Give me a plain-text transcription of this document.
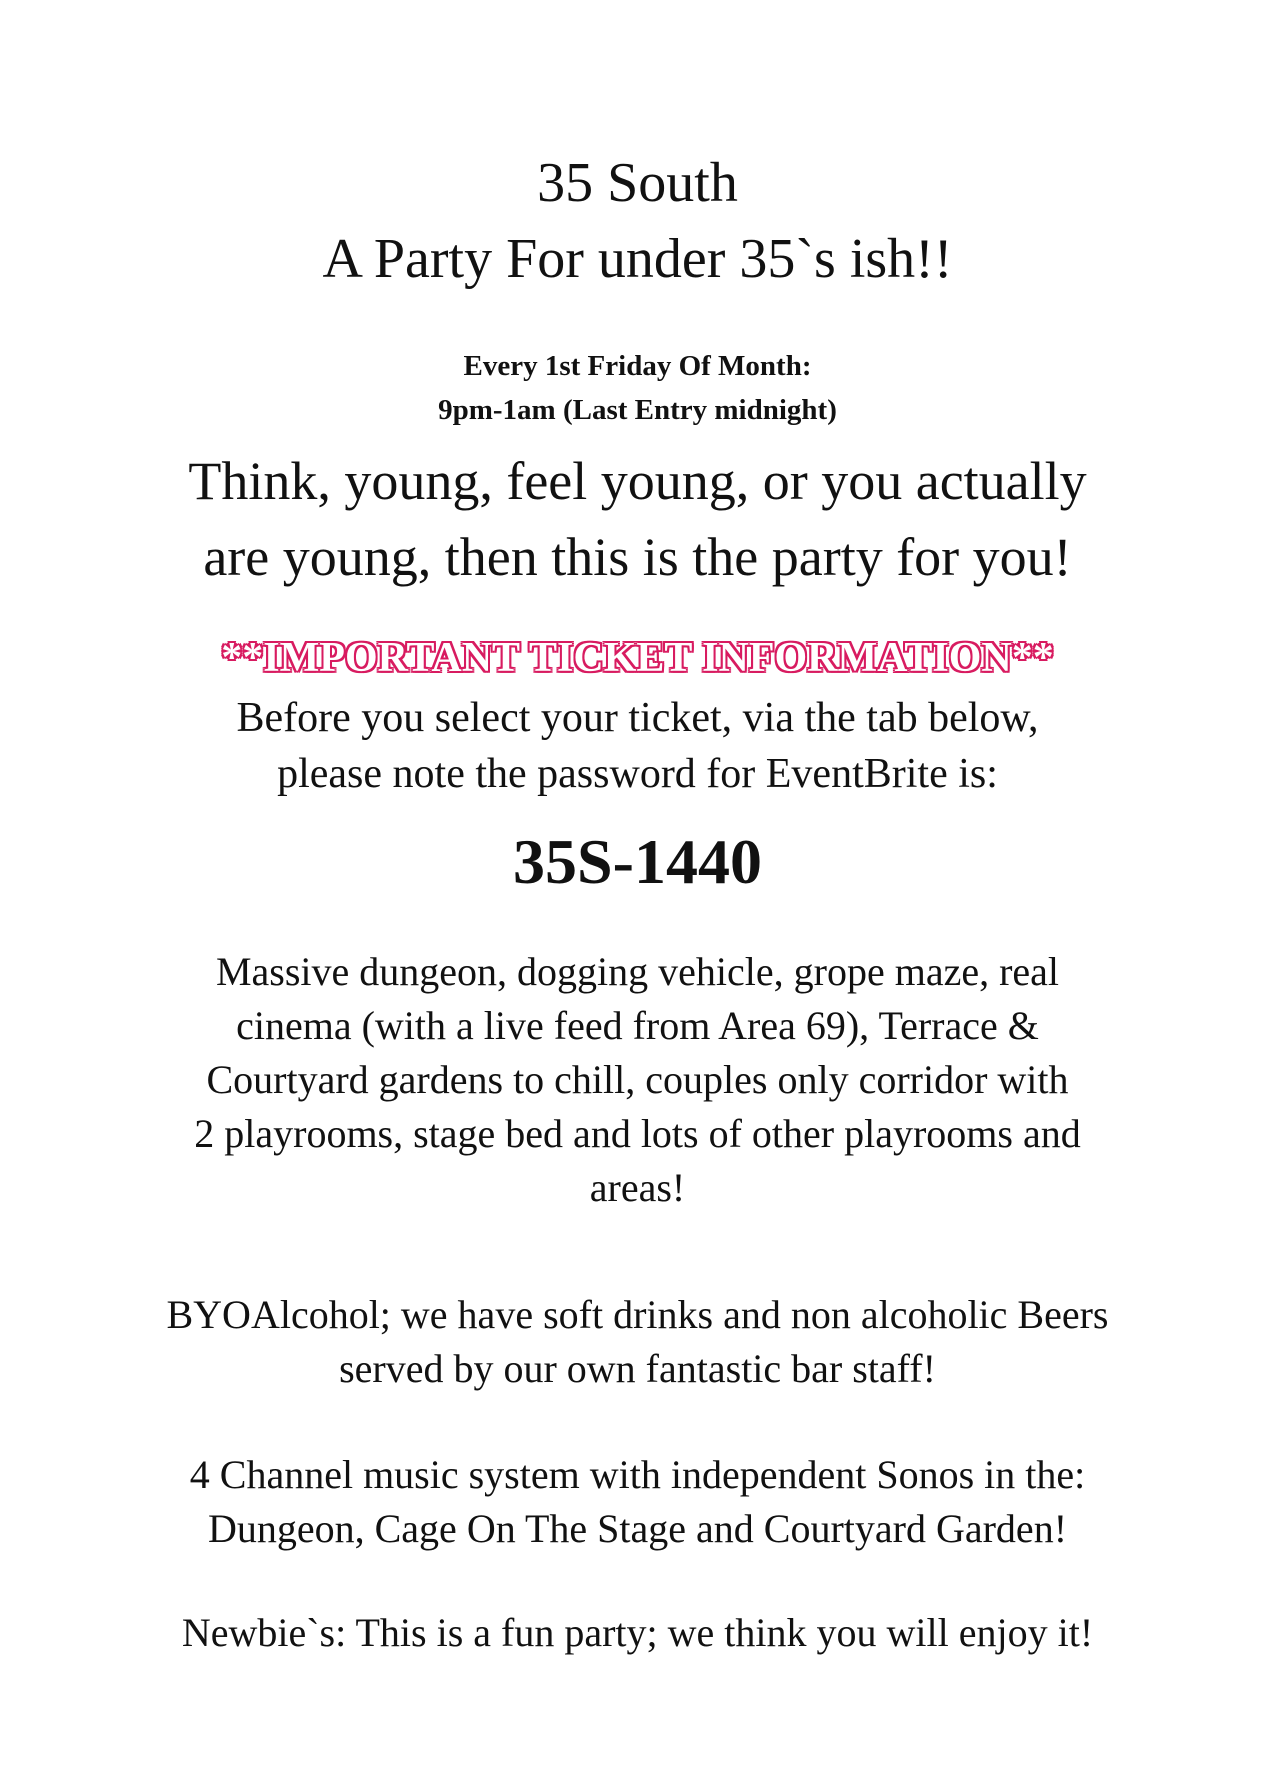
35 South
A Party For under 35`s ish!!
Every 1st Friday Of Month:
9pm-1am (Last Entry midnight)
Think, young, feel young, or you actually
are young, then this is the party for you!
**IMPORTANT TICKET INFORMATION**
Before you select your ticket, via the tab below,
please note the password for EventBrite is:
35S-1440
Massive dungeon, dogging vehicle, grope maze, real
cinema (with a live feed from Area 69), Terrace &
Courtyard gardens to chill, couples only corridor with
2 playrooms, stage bed and lots of other playrooms and
areas!
BYOAlcohol; we have soft drinks and non alcoholic Beers
served by our own fantastic bar staff!
4 Channel music system with independent Sonos in the:
Dungeon, Cage On The Stage and Courtyard Garden!
Newbie`s: This is a fun party; we think you will enjoy it!
